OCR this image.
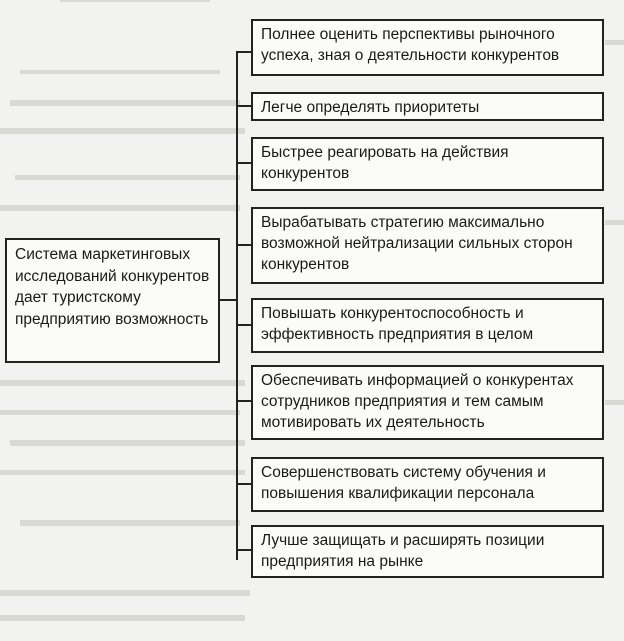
Система маркетинговых исследований конкурентов дает туристскому предприятию возможность
Полнее оценить перспективы рыночного успеха, зная о деятельности конкурентов
Легче определять приоритеты
Быстрее реагировать на действия конкурентов
Вырабатывать стратегию максимально возможной нейтрализации сильных сторон конкурентов
Повышать конкурентоспособность и эффективность предприятия в целом
Обеспечивать информацией о конкурентах сотрудников предприятия и тем самым мотивировать их деятельность
Совершенствовать систему обучения и повышения квалификации персонала
Лучше защищать и расширять позиции предприятия на рынке
